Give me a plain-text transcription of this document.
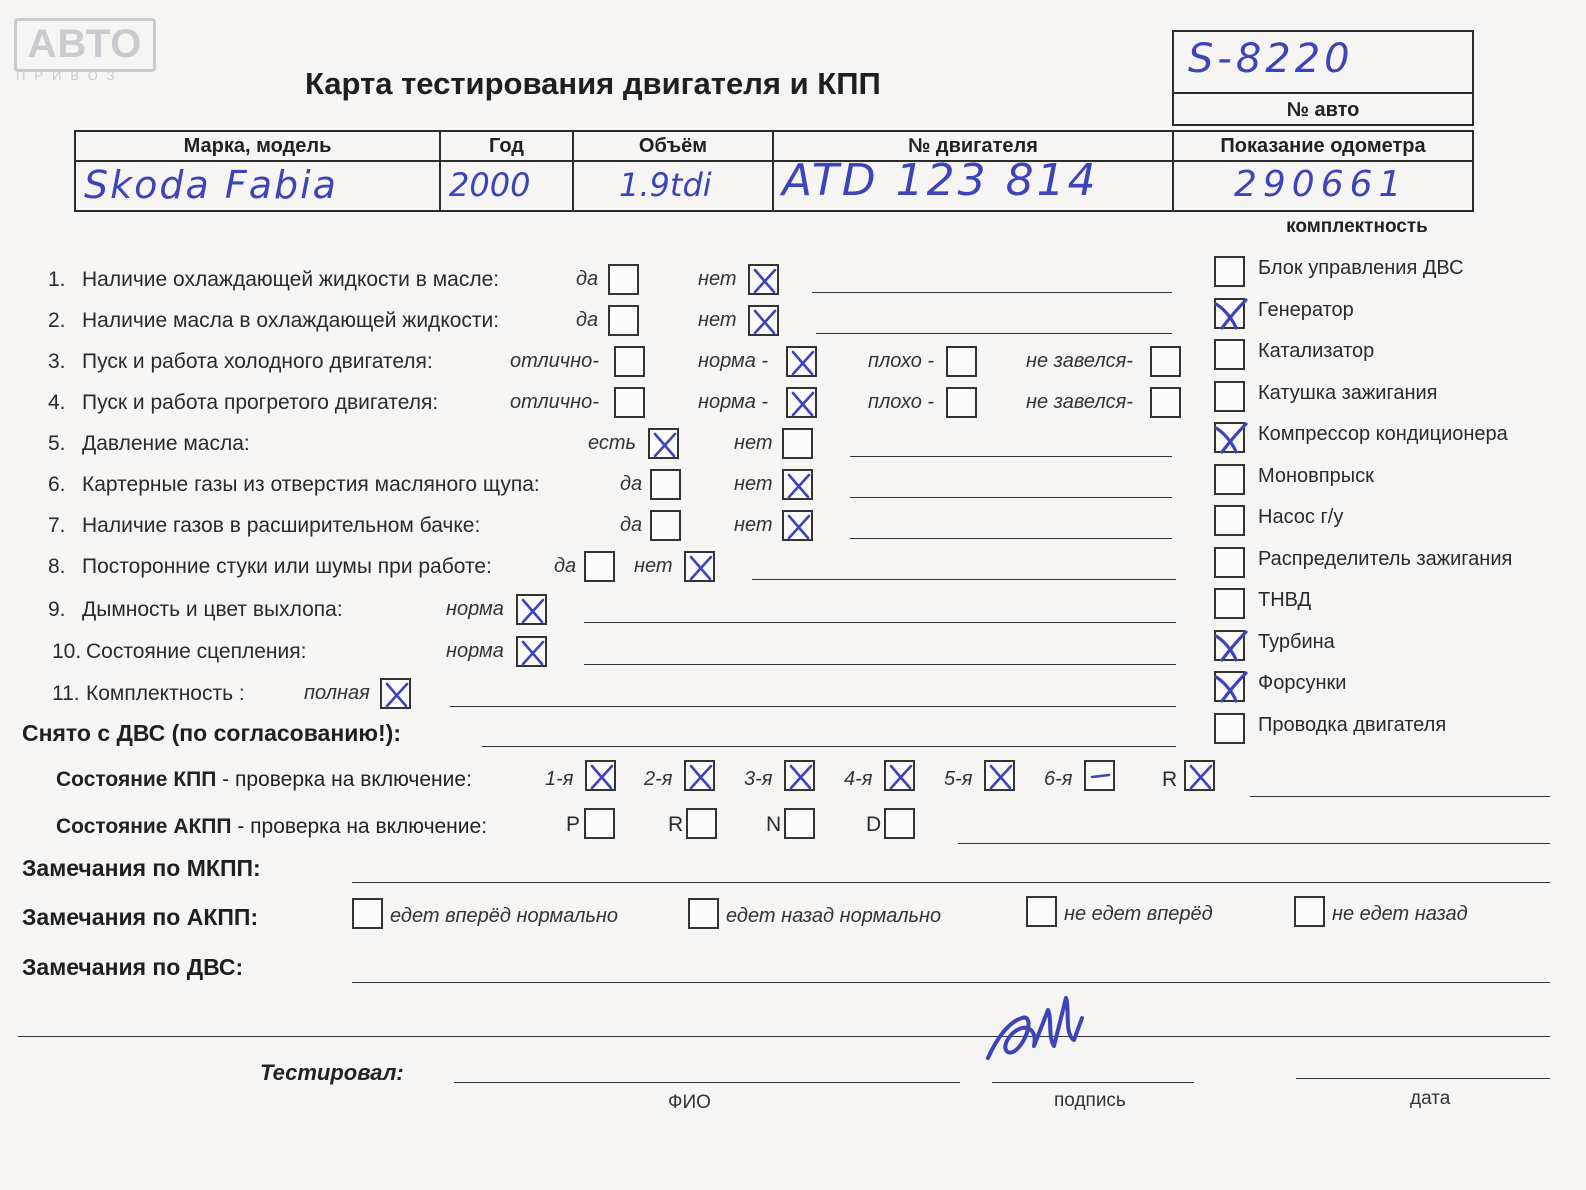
АВТО
ПРИВОЗ	Карта тестирования двигателя и КПП
S-8220
№ авто
Марка, модель
Skoda Fabia
Год
2000
Объём
1.9tdi
№ двигателя
ATD 123 814
Показание одометра
290661
комплектность
1. Наличие охлаждающей жидкости в масле:	да	нет
2. Наличие масла в охлаждающей жидкости:	да	нет
3. Пуск и работа холодного двигателя:	отлично-	норма -	плохо -	не завелся-
4. Пуск и работа прогретого двигателя:	отлично-	норма -	плохо -	не завелся-
5. Давление масла:	есть	нет
6. Картерные газы из отверстия масляного щупа:	да	нет
7. Наличие газов в расширительном бачке:	да	нет
8. Посторонние стуки или шумы при работе:	да	нет
9. Дымность и цвет выхлопа:	норма
10. Состояние сцепления:	норма
11. Комплектность :	полная
Блок управления ДВС
Генератор
Катализатор
Катушка зажигания
Компрессор кондиционера
Моновпрыск
Насос г/у
Распределитель зажигания
ТНВД
Турбина
Форсунки
Проводка двигателя
Снято с ДВС (по согласованию!):
Состояние КПП - проверка на включение:	1-я	2-я	3-я	4-я	5-я	6-я	R
Состояние АКПП - проверка на включение:	P	R	N	D
Замечания по МКПП:
Замечания по АКПП:	едет вперёд нормально	едет назад нормально	не едет вперёд	не едет назад
Замечания по ДВС:
Тестировал:
ФИО	подпись	дата
